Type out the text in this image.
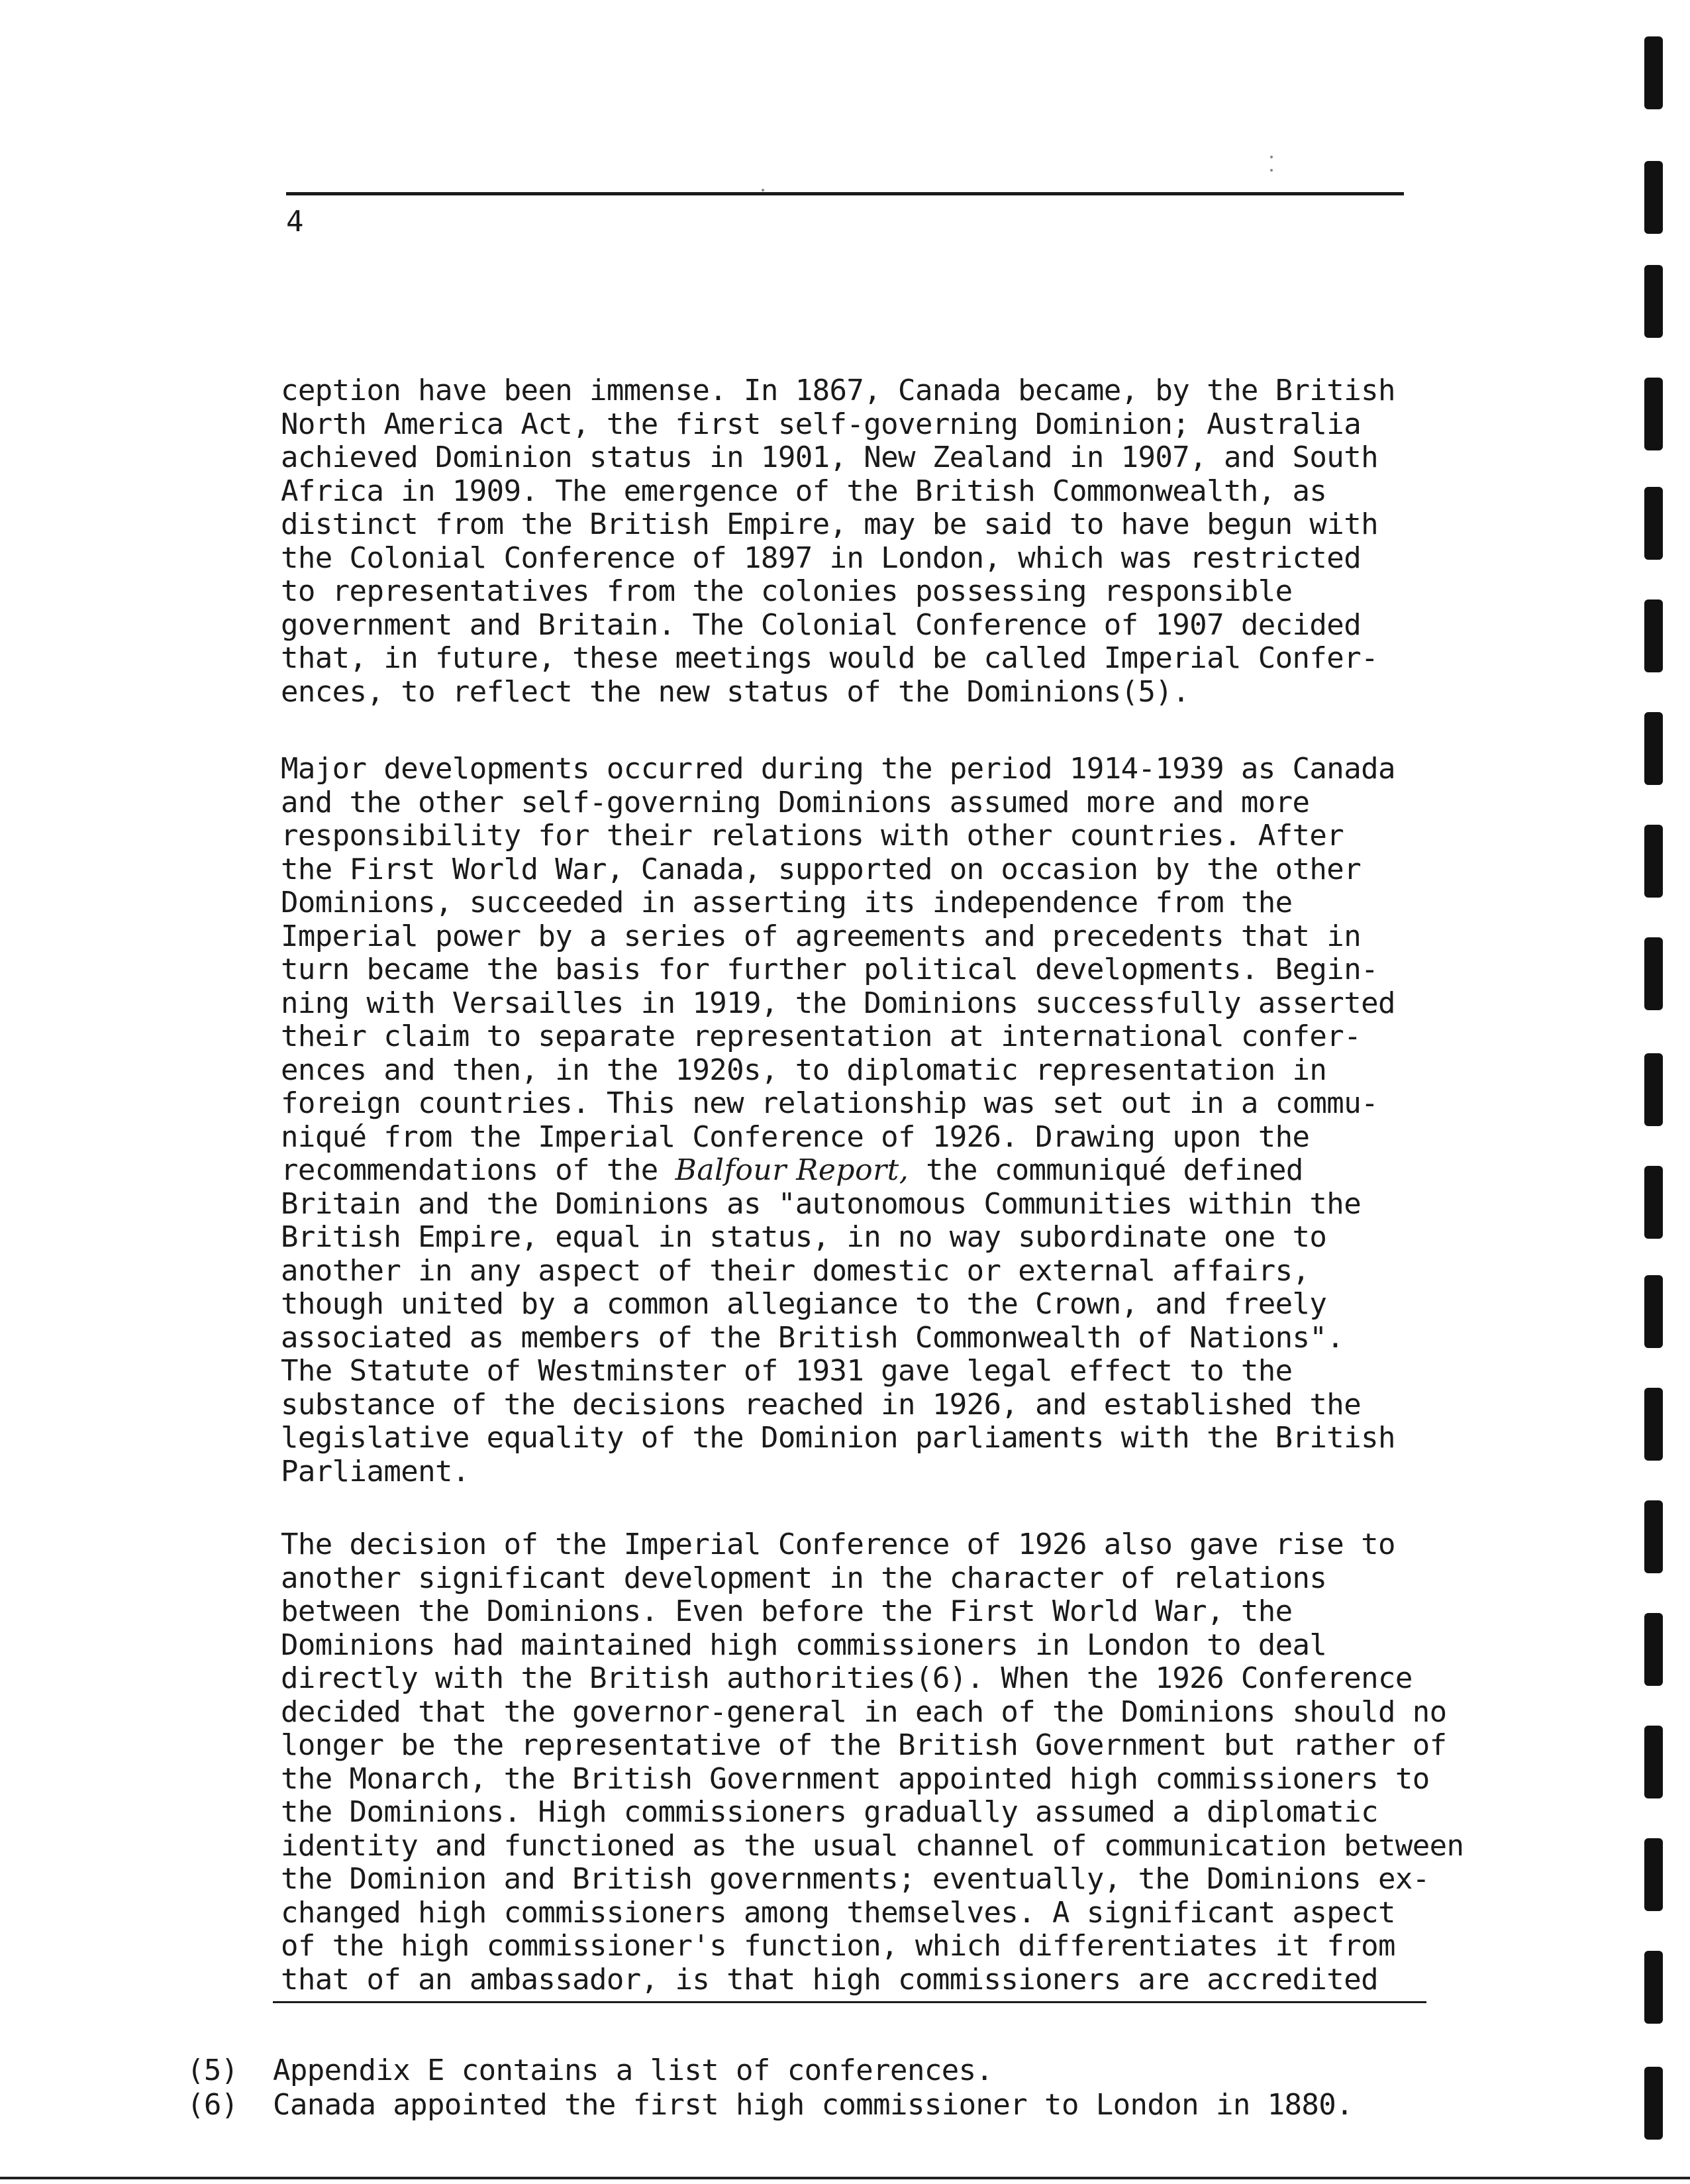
4
ception have been immense. In 1867, Canada became, by the British
North America Act, the first self-governing Dominion; Australia
achieved Dominion status in 1901, New Zealand in 1907, and South
Africa in 1909. The emergence of the British Commonwealth, as
distinct from the British Empire, may be said to have begun with
the Colonial Conference of 1897 in London, which was restricted
to representatives from the colonies possessing responsible
government and Britain. The Colonial Conference of 1907 decided
that, in future, these meetings would be called Imperial Confer-
ences, to reflect the new status of the Dominions(5).
Major developments occurred during the period 1914-1939 as Canada
and the other self-governing Dominions assumed more and more
responsibility for their relations with other countries. After
the First World War, Canada, supported on occasion by the other
Dominions, succeeded in asserting its independence from the
Imperial power by a series of agreements and precedents that in
turn became the basis for further political developments. Begin-
ning with Versailles in 1919, the Dominions successfully asserted
their claim to separate representation at international confer-
ences and then, in the 1920s, to diplomatic representation in
foreign countries. This new relationship was set out in a commu-
niqué from the Imperial Conference of 1926. Drawing upon the
recommendations of the Balfour Report, the communiqué defined
Britain and the Dominions as "autonomous Communities within the
British Empire, equal in status, in no way subordinate one to
another in any aspect of their domestic or external affairs,
though united by a common allegiance to the Crown, and freely
associated as members of the British Commonwealth of Nations".
The Statute of Westminster of 1931 gave legal effect to the
substance of the decisions reached in 1926, and established the
legislative equality of the Dominion parliaments with the British
Parliament.
The decision of the Imperial Conference of 1926 also gave rise to
another significant development in the character of relations
between the Dominions. Even before the First World War, the
Dominions had maintained high commissioners in London to deal
directly with the British authorities(6). When the 1926 Conference
decided that the governor-general in each of the Dominions should no
longer be the representative of the British Government but rather of
the Monarch, the British Government appointed high commissioners to
the Dominions. High commissioners gradually assumed a diplomatic
identity and functioned as the usual channel of communication between
the Dominion and British governments; eventually, the Dominions ex-
changed high commissioners among themselves. A significant aspect
of the high commissioner's function, which differentiates it from
that of an ambassador, is that high commissioners are accredited
(5) Appendix E contains a list of conferences.
(6) Canada appointed the first high commissioner to London in 1880.
